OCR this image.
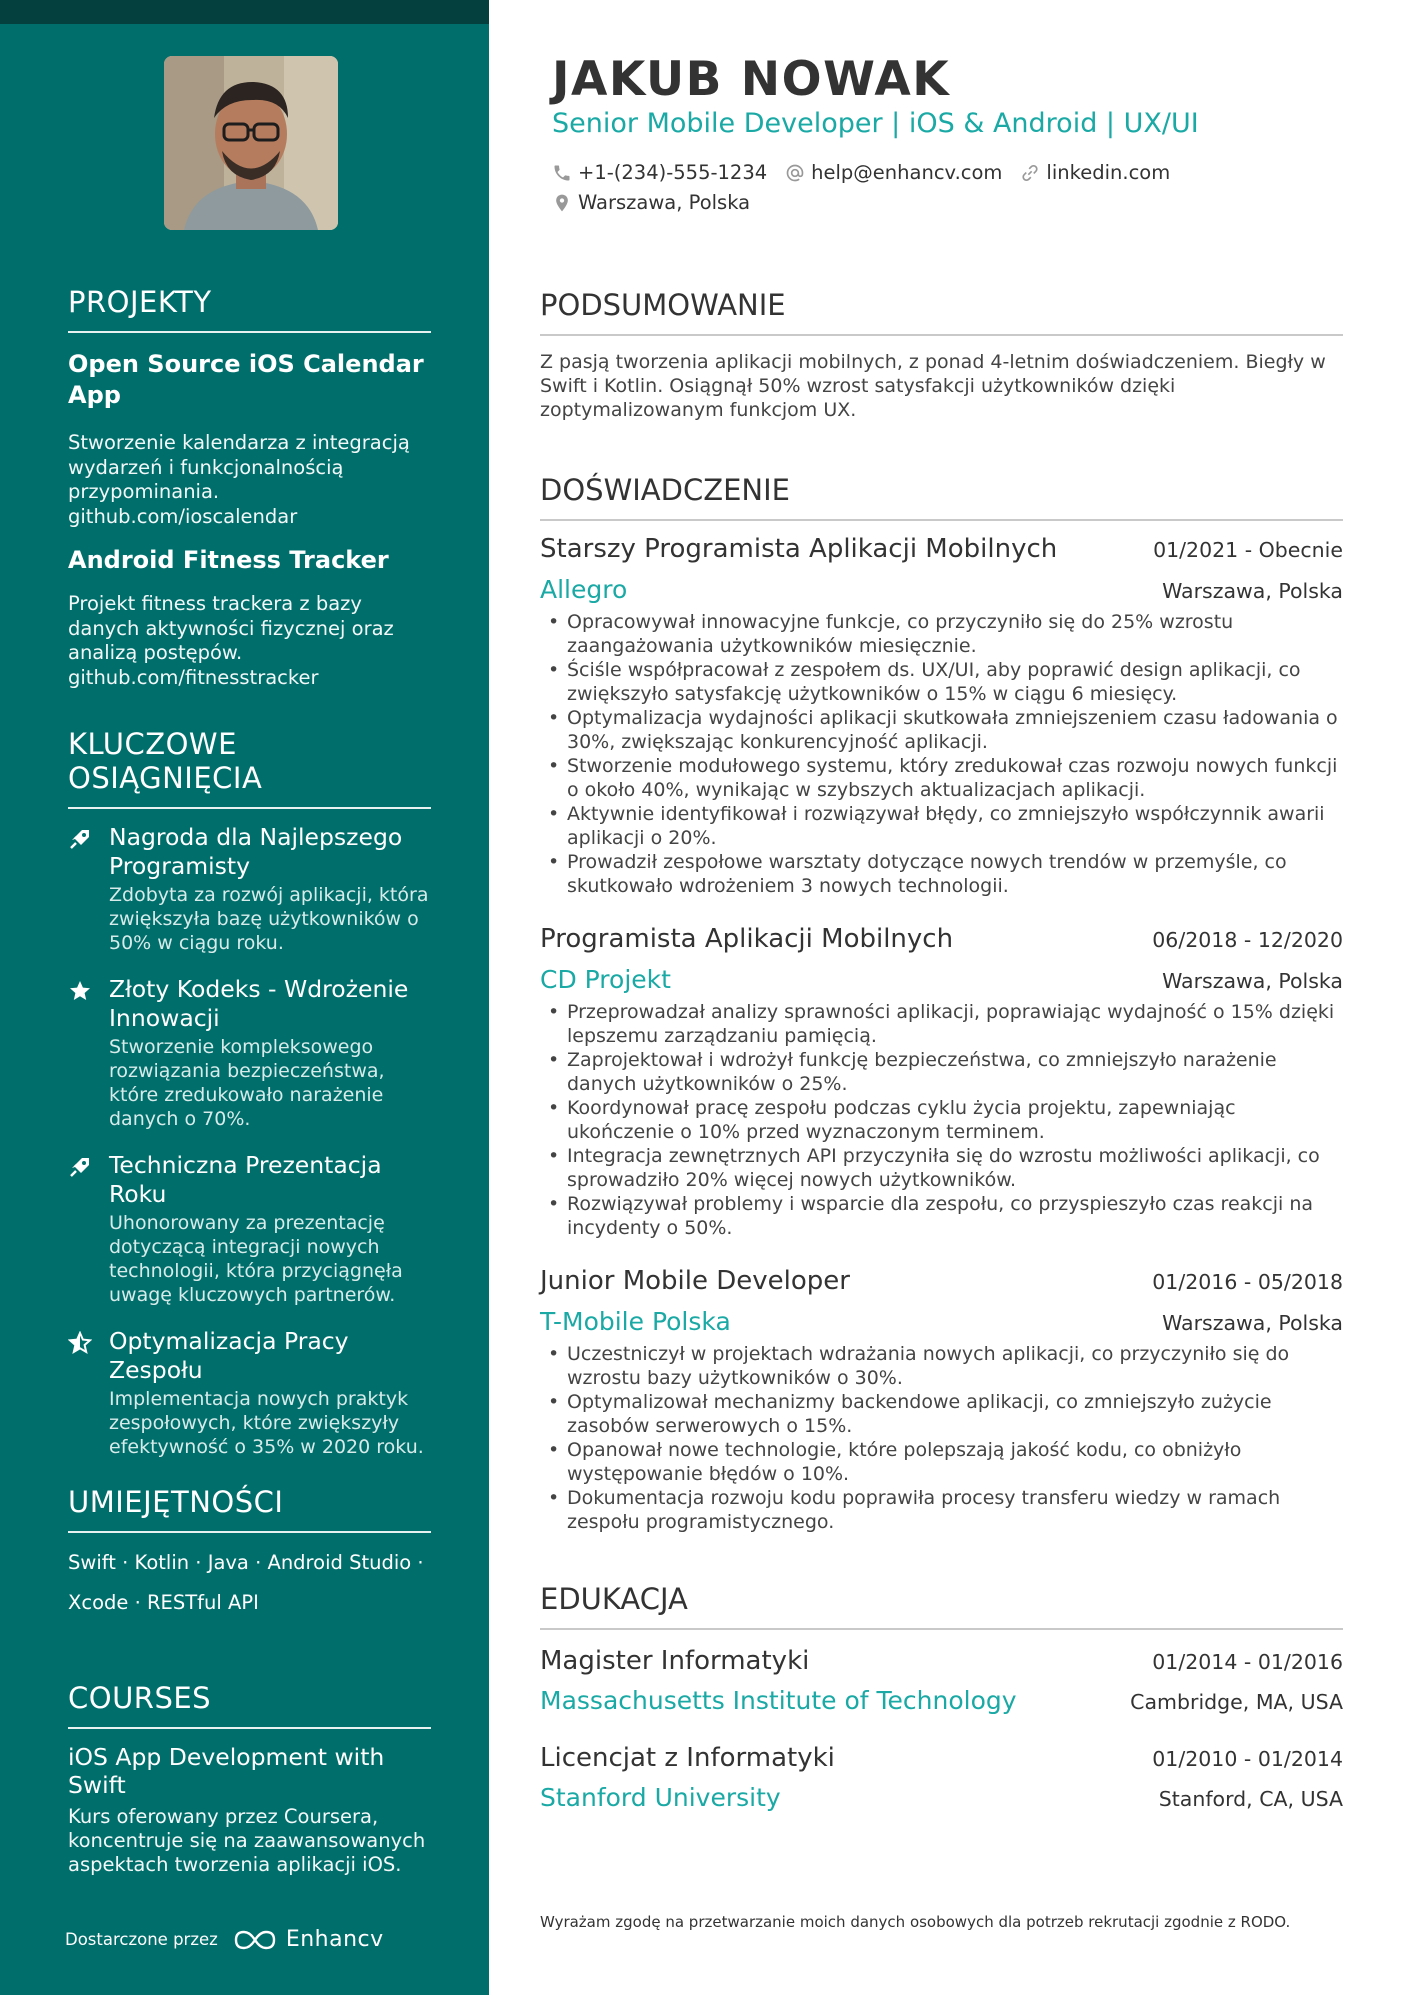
PROJEKTY
Open Source iOS Calendar App
Stworzenie kalendarza z integracją wydarzeń i funkcjonalnością przypominania. github.com/ioscalendar
Android Fitness Tracker
Projekt fitness trackera z bazy danych aktywności fizycznej oraz analizą postępów. github.com/fitnesstracker
KLUCZOWE OSIĄGNIĘCIA
Nagroda dla Najlepszego Programisty
Zdobyta za rozwój aplikacji, która zwiększyła bazę użytkowników o 50% w ciągu roku.
Złoty Kodeks - Wdrożenie Innowacji
Stworzenie kompleksowego rozwiązania bezpieczeństwa, które zredukowało narażenie danych o 70%.
Techniczna Prezentacja Roku
Uhonorowany za prezentację dotyczącą integracji nowych technologii, która przyciągnęła uwagę kluczowych partnerów.
Optymalizacja Pracy Zespołu
Implementacja nowych praktyk zespołowych, które zwiększyły efektywność o 35% w 2020 roku.
UMIEJĘTNOŚCI
Swift · Kotlin · Java · Android Studio ·
Xcode · RESTful API
COURSES
iOS App Development with Swift
Kurs oferowany przez Coursera, koncentruje się na zaawansowanych aspektach tworzenia aplikacji iOS.
Dostarczone przez	Enhancv
JAKUB NOWAK
Senior Mobile Developer | iOS & Android | UX/UI
+1-(234)-555-1234 help@enhancv.com linkedin.com
Warszawa, Polska
PODSUMOWANIE
Z pasją tworzenia aplikacji mobilnych, z ponad 4-letnim doświadczeniem. Biegły w Swift i Kotlin. Osiągnął 50% wzrost satysfakcji użytkowników dzięki zoptymalizowanym funkcjom UX.
DOŚWIADCZENIE
Starszy Programista Aplikacji Mobilnych	01/2021 - Obecnie
Allegro	Warszawa, Polska
• Opracowywał innowacyjne funkcje, co przyczyniło się do 25% wzrostu zaangażowania użytkowników miesięcznie.
• Ściśle współpracował z zespołem ds. UX/UI, aby poprawić design aplikacji, co zwiększyło satysfakcję użytkowników o 15% w ciągu 6 miesięcy.
• Optymalizacja wydajności aplikacji skutkowała zmniejszeniem czasu ładowania o 30%, zwiększając konkurencyjność aplikacji.
• Stworzenie modułowego systemu, który zredukował czas rozwoju nowych funkcji o około 40%, wynikając w szybszych aktualizacjach aplikacji.
• Aktywnie identyfikował i rozwiązywał błędy, co zmniejszyło współczynnik awarii aplikacji o 20%.
• Prowadził zespołowe warsztaty dotyczące nowych trendów w przemyśle, co skutkowało wdrożeniem 3 nowych technologii.
Programista Aplikacji Mobilnych	06/2018 - 12/2020
CD Projekt	Warszawa, Polska
• Przeprowadzał analizy sprawności aplikacji, poprawiając wydajność o 15% dzięki lepszemu zarządzaniu pamięcią.
• Zaprojektował i wdrożył funkcję bezpieczeństwa, co zmniejszyło narażenie danych użytkowników o 25%.
• Koordynował pracę zespołu podczas cyklu życia projektu, zapewniając ukończenie o 10% przed wyznaczonym terminem.
• Integracja zewnętrznych API przyczyniła się do wzrostu możliwości aplikacji, co sprowadziło 20% więcej nowych użytkowników.
• Rozwiązywał problemy i wsparcie dla zespołu, co przyspieszyło czas reakcji na incydenty o 50%.
Junior Mobile Developer	01/2016 - 05/2018
T-Mobile Polska	Warszawa, Polska
• Uczestniczył w projektach wdrażania nowych aplikacji, co przyczyniło się do wzrostu bazy użytkowników o 30%.
• Optymalizował mechanizmy backendowe aplikacji, co zmniejszyło zużycie zasobów serwerowych o 15%.
• Opanował nowe technologie, które polepszają jakość kodu, co obniżyło występowanie błędów o 10%.
• Dokumentacja rozwoju kodu poprawiła procesy transferu wiedzy w ramach zespołu programistycznego.
EDUKACJA
Magister Informatyki	01/2014 - 01/2016
Massachusetts Institute of Technology	Cambridge, MA, USA
Licencjat z Informatyki	01/2010 - 01/2014
Stanford University	Stanford, CA, USA
Wyrażam zgodę na przetwarzanie moich danych osobowych dla potrzeb rekrutacji zgodnie z RODO.
